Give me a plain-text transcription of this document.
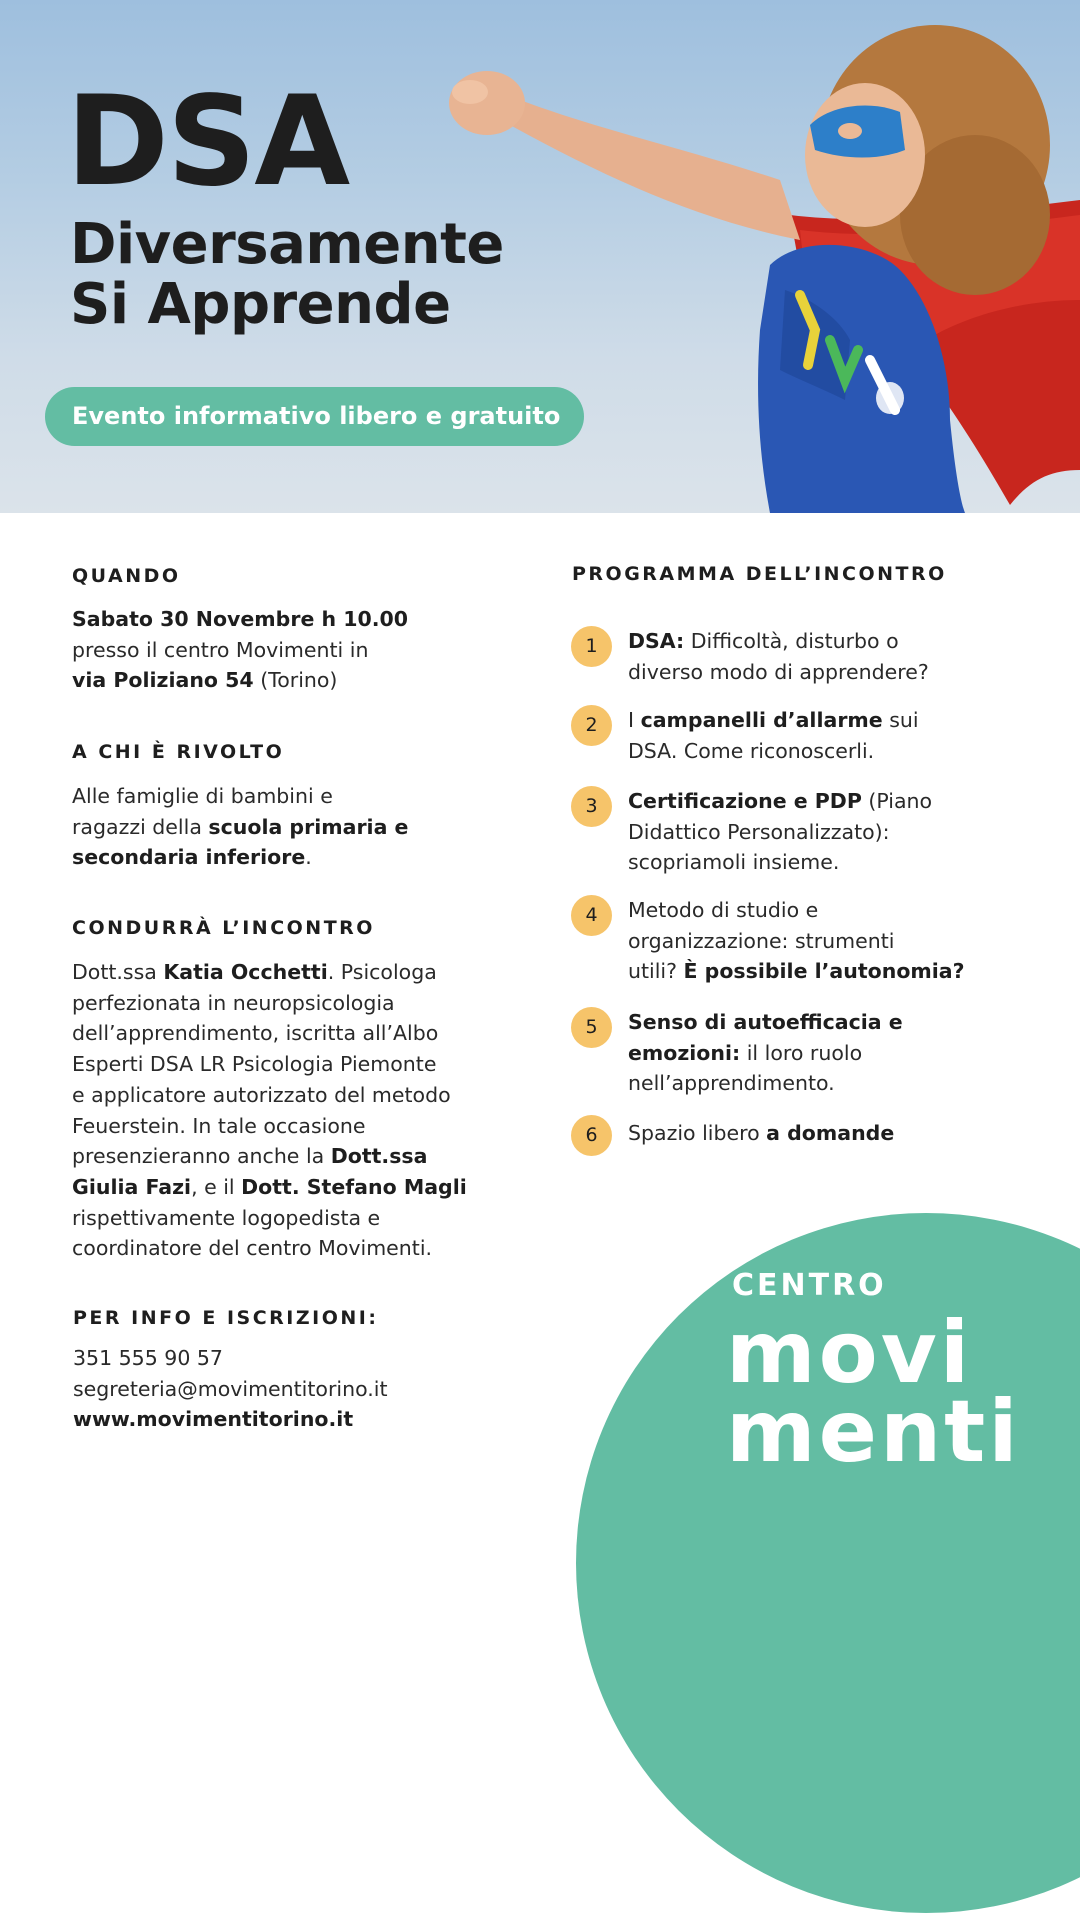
DSA
Diversamente
Si Apprende
Evento informativo libero e gratuito
QUANDO

Sabato 30 Novembre h 10.00
presso il centro Movimenti in
via Poliziano 54 (Torino)

A CHI È RIVOLTO

Alle famiglie di bambini e
ragazzi della scuola primaria e
secondaria inferiore.

CONDURRÀ L’INCONTRO

Dott.ssa Katia Occhetti. Psicologa
perfezionata in neuropsicologia
dell’apprendimento, iscritta all’Albo
Esperti DSA LR Psicologia Piemonte
e applicatore autorizzato del metodo
Feuerstein. In tale occasione
presenzieranno anche la Dott.ssa
Giulia Fazi, e il Dott. Stefano Magli
rispettivamente logopedista e
coordinatore del centro Movimenti.

PER INFO E ISCRIZIONI:

351 555 90 57
segreteria@movimentitorino.it
www.movimentitorino.it

PROGRAMMA DELL’INCONTRO
1	DSA: Difficoltà, disturbo o
diverso modo di apprendere?

2	I campanelli d’allarme sui
DSA. Come riconoscerli.

3	Certificazione e PDP (Piano
Didattico Personalizzato):
scopriamoli insieme.

4	Metodo di studio e
organizzazione: strumenti
utili? È possibile l’autonomia?

5	Senso di autoefficacia e
emozioni: il loro ruolo
nell’apprendimento.

6	Spazio libero a domande

CENTRO

movi

menti
